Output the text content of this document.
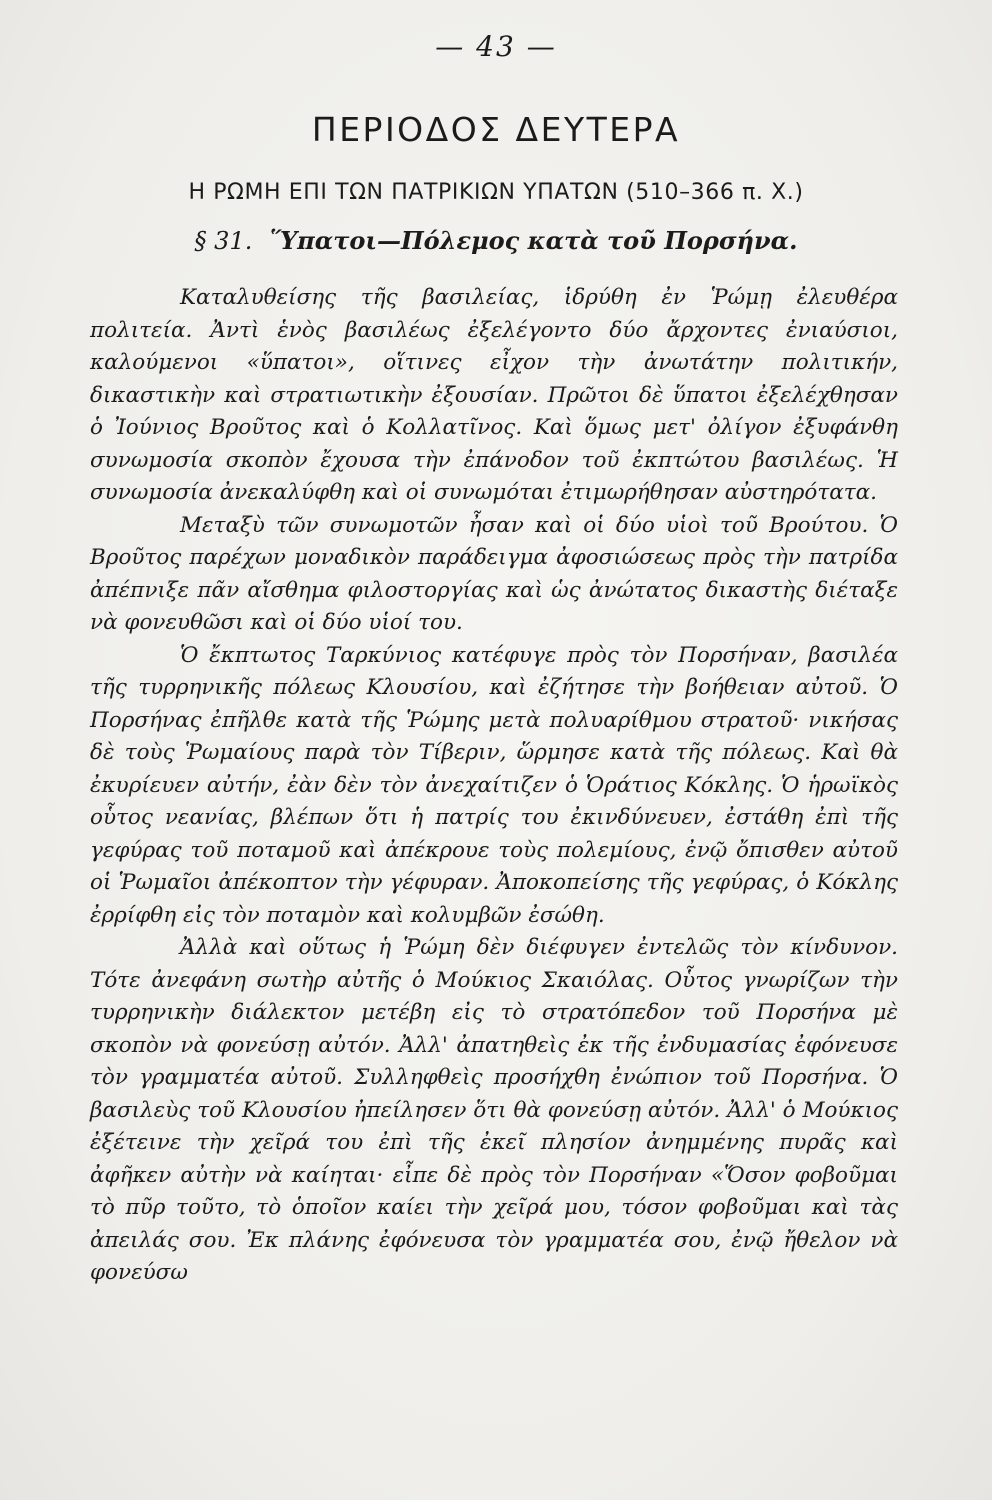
— 43 —
ΠΕΡΙΟΔΟΣ ΔΕΥΤΕΡΑ
Η ΡΩΜΗ ΕΠΙ ΤΩΝ ΠΑΤΡΙΚΙΩΝ ΥΠΑΤΩΝ (510–366 π. Χ.)
§ 31. Ὕπατοι—Πόλεμος κατὰ τοῦ Πορσήνα.

Καταλυθείσης τῆς βασιλείας, ἱδρύθη ἐν Ῥώμῃ ἐλευθέρα πολιτεία. Ἀντὶ ἑνὸς βασιλέως ἐξελέγοντο δύο ἄρχοντες ἐνιαύσιοι, καλούμενοι «ὕπατοι», οἵτινες εἶχον τὴν ἀνωτάτην πολιτικήν, δικαστικὴν καὶ στρατιωτικὴν ἐξουσίαν. Πρῶτοι δὲ ὕπατοι ἐξελέχθησαν ὁ Ἰούνιος Βροῦτος καὶ ὁ Κολλατῖνος. Καὶ ὅμως μετ' ὀλίγον ἐξυφάνθη συνωμοσία σκοπὸν ἔχουσα τὴν ἐπάνοδον τοῦ ἐκπτώτου βασιλέως. Ἡ συνωμοσία ἀνεκαλύφθη καὶ οἱ συνωμόται ἐτιμωρήθησαν αὐστηρότατα.

Μεταξὺ τῶν συνωμοτῶν ἦσαν καὶ οἱ δύο υἱοὶ τοῦ Βρούτου. Ὁ Βροῦτος παρέχων μοναδικὸν παράδειγμα ἀφοσιώσεως πρὸς τὴν πατρίδα ἀπέπνιξε πᾶν αἴσθημα φιλοστοργίας καὶ ὡς ἀνώτατος δικαστὴς διέταξε νὰ φονευθῶσι καὶ οἱ δύο υἱοί του.

Ὁ ἔκπτωτος Ταρκύνιος κατέφυγε πρὸς τὸν Πορσήναν, βασιλέα τῆς τυρρηνικῆς πόλεως Κλουσίου, καὶ ἐζήτησε τὴν βοήθειαν αὐτοῦ. Ὁ Πορσήνας ἐπῆλθε κατὰ τῆς Ῥώμης μετὰ πολυαρίθμου στρατοῦ· νικήσας δὲ τοὺς Ῥωμαίους παρὰ τὸν Τίβεριν, ὥρμησε κατὰ τῆς πόλεως. Καὶ θὰ ἐκυρίευεν αὐτήν, ἐὰν δὲν τὸν ἀνεχαίτιζεν ὁ Ὁράτιος Κόκλης. Ὁ ἡρωϊκὸς οὗτος νεανίας, βλέπων ὅτι ἡ πατρίς του ἐκινδύνευεν, ἐστάθη ἐπὶ τῆς γεφύρας τοῦ ποταμοῦ καὶ ἀπέκρουε τοὺς πολεμίους, ἐνῷ ὄπισθεν αὐτοῦ οἱ Ῥωμαῖοι ἀπέκοπτον τὴν γέφυραν. Ἀποκοπείσης τῆς γεφύρας, ὁ Κόκλης ἐρρίφθη εἰς τὸν ποταμὸν καὶ κολυμβῶν ἐσώθη.

Ἀλλὰ καὶ οὕτως ἡ Ῥώμη δὲν διέφυγεν ἐντελῶς τὸν κίνδυνον. Τότε ἀνεφάνη σωτὴρ αὐτῆς ὁ Μούκιος Σκαιόλας. Οὗτος γνωρίζων τὴν τυρρηνικὴν διάλεκτον μετέβη εἰς τὸ στρατόπεδον τοῦ Πορσήνα μὲ σκοπὸν νὰ φονεύσῃ αὐτόν. Ἀλλ' ἀπατηθεὶς ἐκ τῆς ἐνδυμασίας ἐφόνευσε τὸν γραμματέα αὐτοῦ. Συλληφθεὶς προσήχθη ἐνώπιον τοῦ Πορσήνα. Ὁ βασιλεὺς τοῦ Κλουσίου ἠπείλησεν ὅτι θὰ φονεύσῃ αὐτόν. Ἀλλ' ὁ Μούκιος ἐξέτεινε τὴν χεῖρά του ἐπὶ τῆς ἐκεῖ πλησίον ἀνημμένης πυρᾶς καὶ ἀφῆκεν αὐτὴν νὰ καίηται· εἶπε δὲ πρὸς τὸν Πορσήναν «Ὅσον φοβοῦμαι τὸ πῦρ τοῦτο, τὸ ὁποῖον καίει τὴν χεῖρά μου, τόσον φοβοῦμαι καὶ τὰς ἀπειλάς σου. Ἐκ πλάνης ἐφόνευσα τὸν γραμματέα σου, ἐνῷ ἤθελον νὰ φονεύσω
